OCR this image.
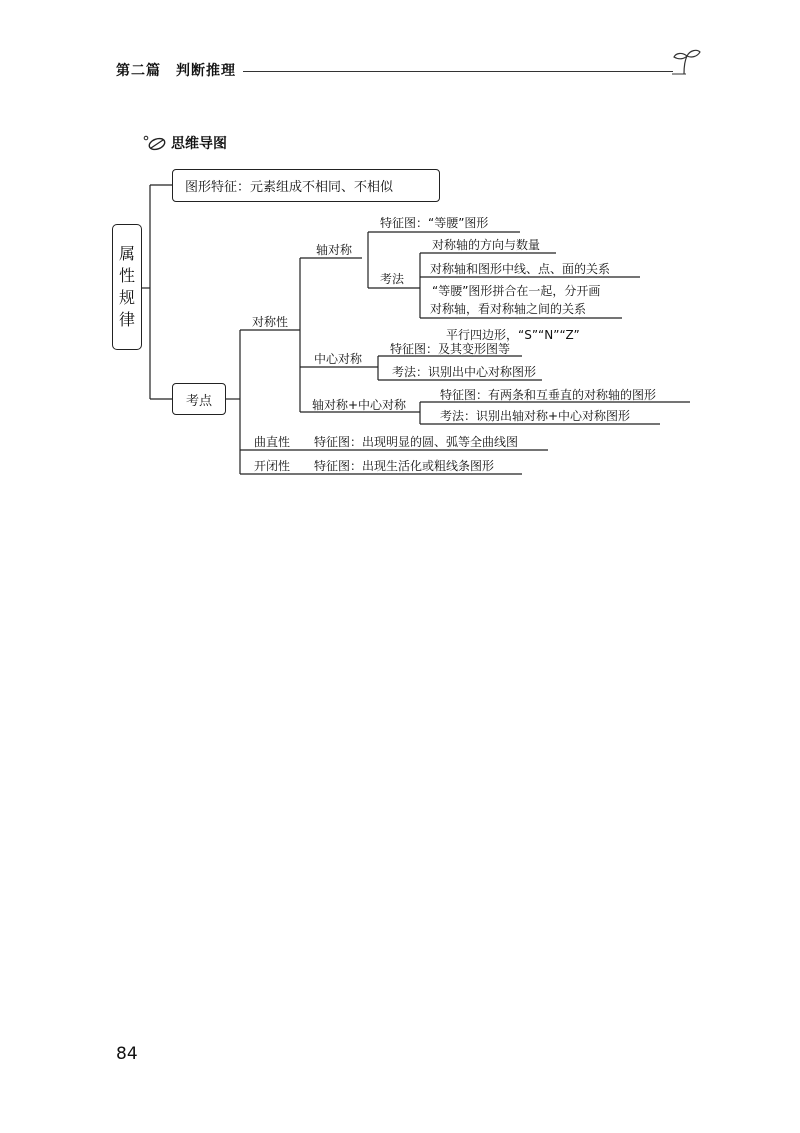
第二篇　判断推理
思维导图
属
性
规
律
图形特征：元素组成不相同、不相似
考点
对称性
轴对称
特征图：“等腰”图形
考法
对称轴的方向与数量
对称轴和图形中线、点、面的关系
“等腰”图形拼合在一起，分开画
对称轴，看对称轴之间的关系
中心对称
平行四边形，“S”“N”“Z”
特征图：及其变形图等
考法：识别出中心对称图形
轴对称+中心对称
特征图：有两条和互垂直的对称轴的图形
考法：识别出轴对称+中心对称图形
曲直性 特征图：出现明显的圆、弧等全曲线图
开闭性 特征图：出现生活化或粗线条图形
84
